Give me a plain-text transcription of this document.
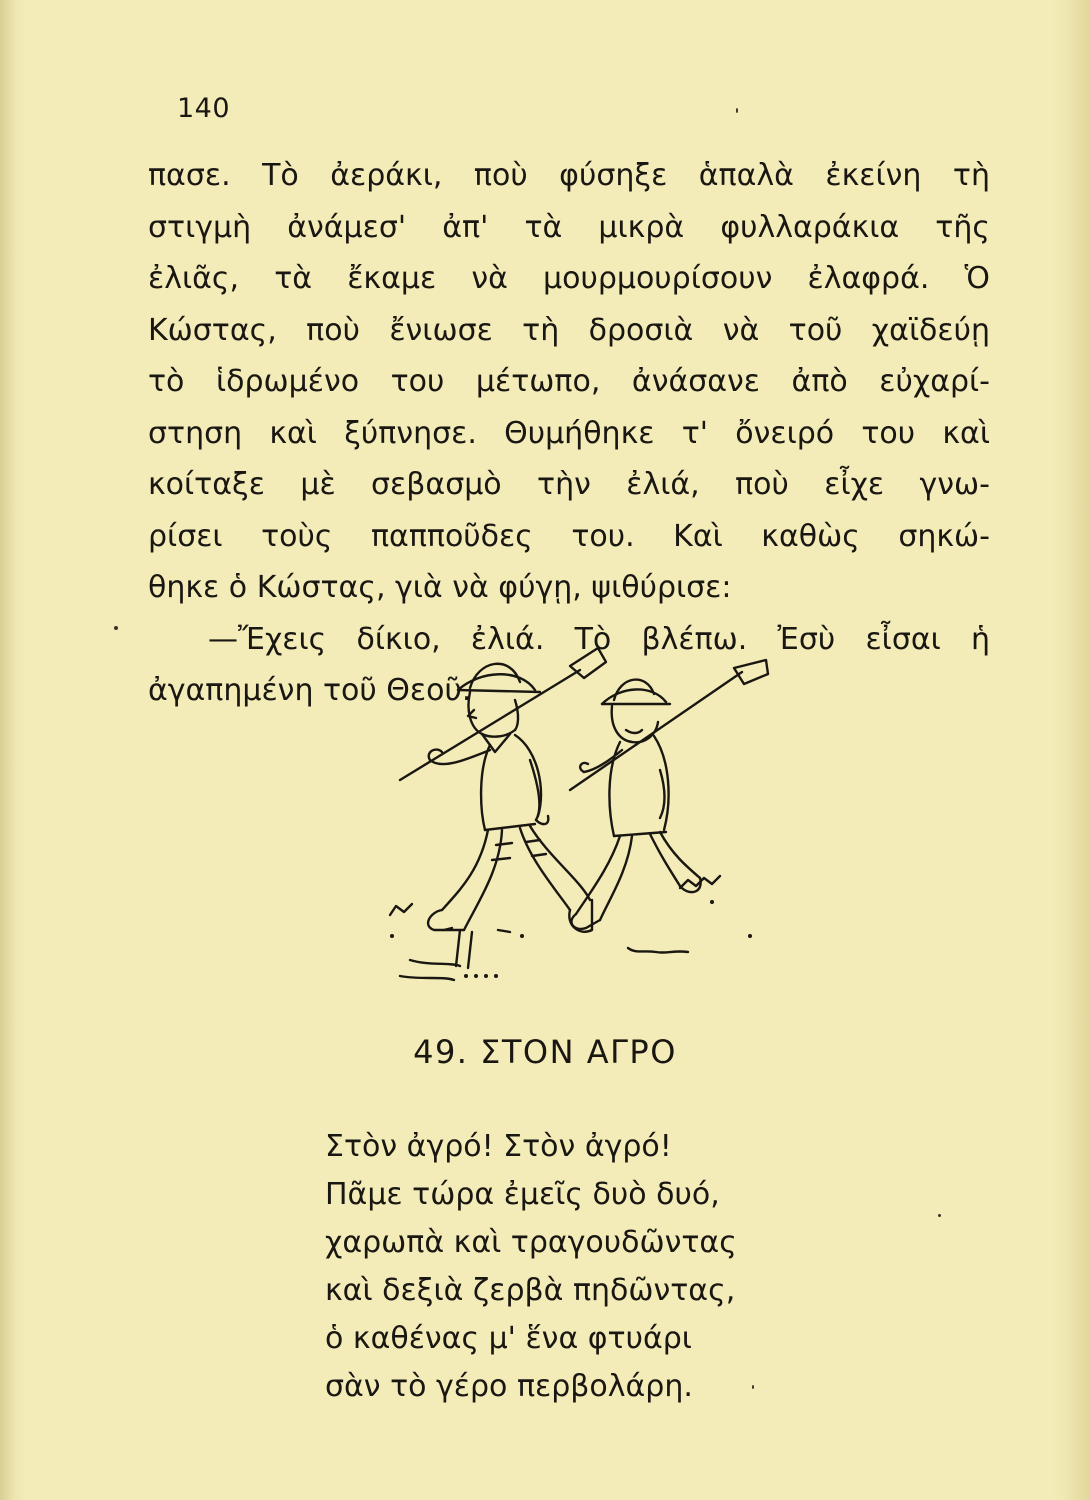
140
πασε. Τὸ ἀεράκι, ποὺ φύσηξε ἁπαλὰ ἐκείνη τὴ
στιγμὴ ἀνάμεσ' ἀπ' τὰ μικρὰ φυλλαράκια τῆς
ἐλιᾶς, τὰ ἔκαμε νὰ μουρμουρίσουν ἐλαφρά. Ὁ
Κώστας, ποὺ ἔνιωσε τὴ δροσιὰ νὰ τοῦ χαϊδεύῃ
τὸ ἱδρωμένο του μέτωπο, ἀνάσανε ἀπὸ εὐχαρί-
στηση καὶ ξύπνησε. Θυμήθηκε τ' ὄνειρό του καὶ
κοίταξε μὲ σεβασμὸ τὴν ἐλιά, ποὺ εἶχε γνω-
ρίσει τοὺς παπποῦδες του. Καὶ καθὼς σηκώ-
θηκε ὁ Κώστας, γιὰ νὰ φύγῃ, ψιθύρισε:
—Ἔχεις δίκιο, ἐλιά. Τὸ βλέπω. Ἐσὺ εἶσαι ἡ
ἀγαπημένη τοῦ Θεοῦ.
49. ΣΤΟΝ ΑΓΡΟ
Στὸν ἀγρό! Στὸν ἀγρό!
Πᾶμε τώρα ἐμεῖς δυὸ δυό,
χαρωπὰ καὶ τραγουδῶντας
καὶ δεξιὰ ζερβὰ πηδῶντας,
ὁ καθένας μ' ἕνα φτυάρι
σὰν τὸ γέρο περβολάρη.
